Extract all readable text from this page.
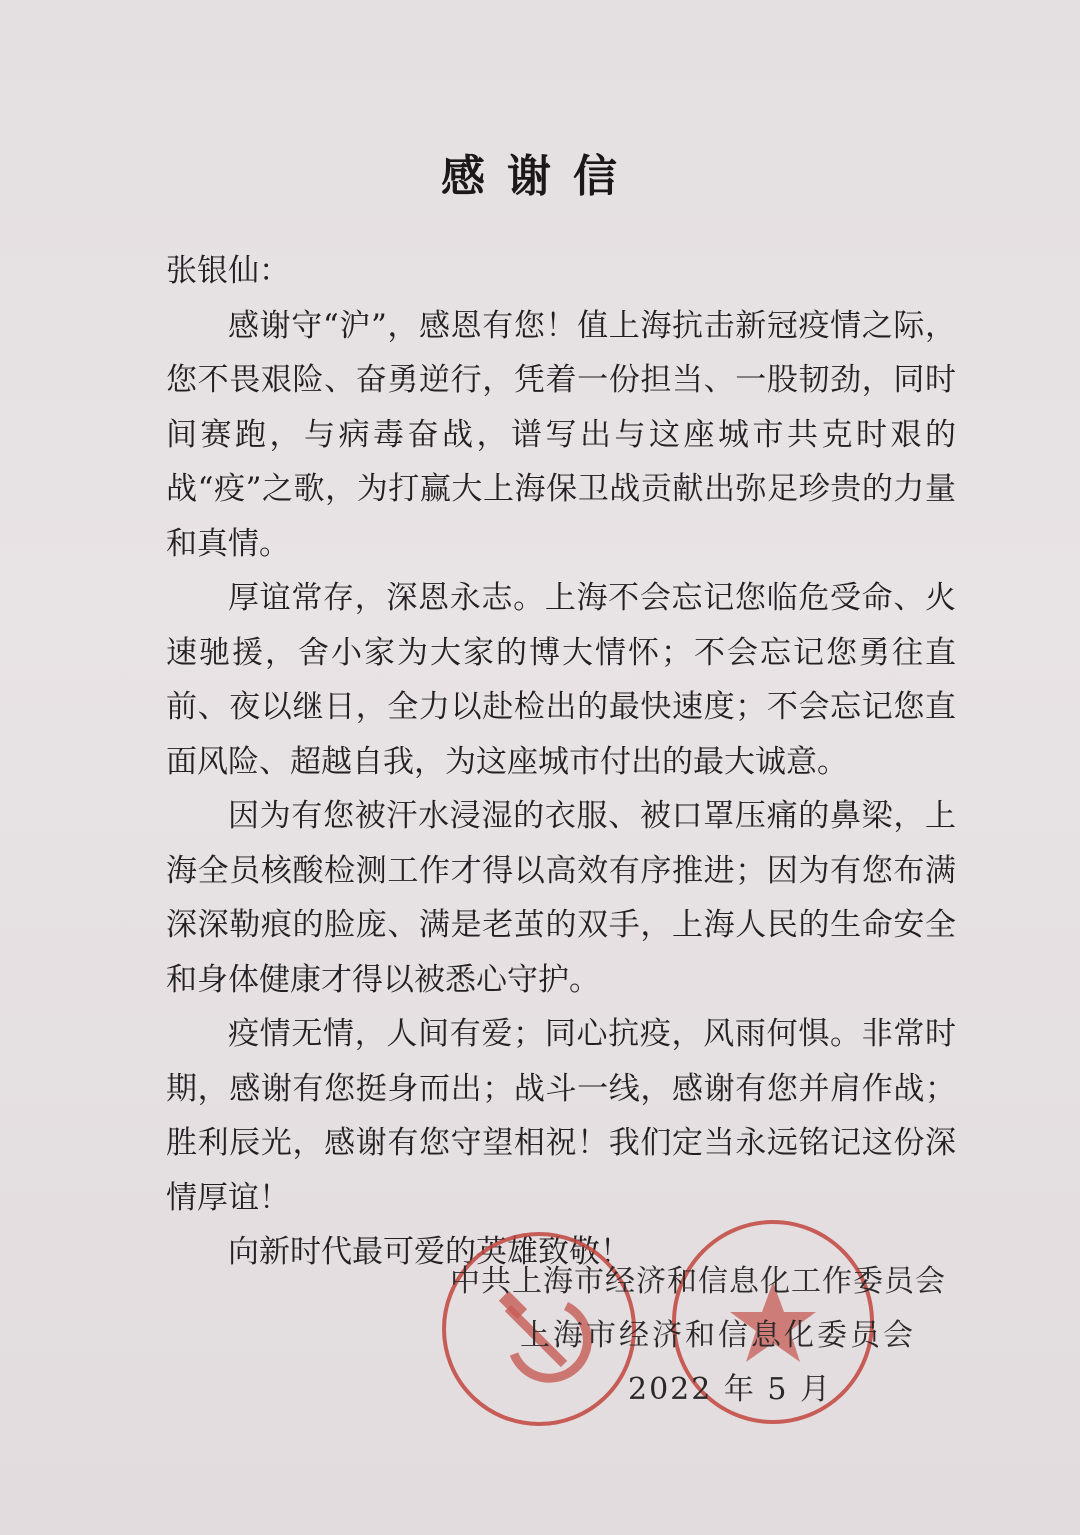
感谢信
张银仙：

感谢守“沪”，感恩有您！值上海抗击新冠疫情之际，您不畏艰险、奋勇逆行，凭着一份担当、一股韧劲，同时间赛跑，与病毒奋战，谱写出与这座城市共克时艰的战“疫”之歌，为打赢大上海保卫战贡献出弥足珍贵的力量和真情。

厚谊常存，深恩永志。上海不会忘记您临危受命、火速驰援，舍小家为大家的博大情怀；不会忘记您勇往直前、夜以继日，全力以赴检出的最快速度；不会忘记您直面风险、超越自我，为这座城市付出的最大诚意。

因为有您被汗水浸湿的衣服、被口罩压痛的鼻梁，上海全员核酸检测工作才得以高效有序推进；因为有您布满深深勒痕的脸庞、满是老茧的双手，上海人民的生命安全和身体健康才得以被悉心守护。

疫情无情，人间有爱；同心抗疫，风雨何惧。非常时期，感谢有您挺身而出；战斗一线，感谢有您并肩作战；胜利辰光，感谢有您守望相祝！我们定当永远铭记这份深情厚谊！

向新时代最可爱的英雄致敬！

中共上海市经济和信息化工作委员会
上海市经济和信息化委员会
2022 年 5 月
